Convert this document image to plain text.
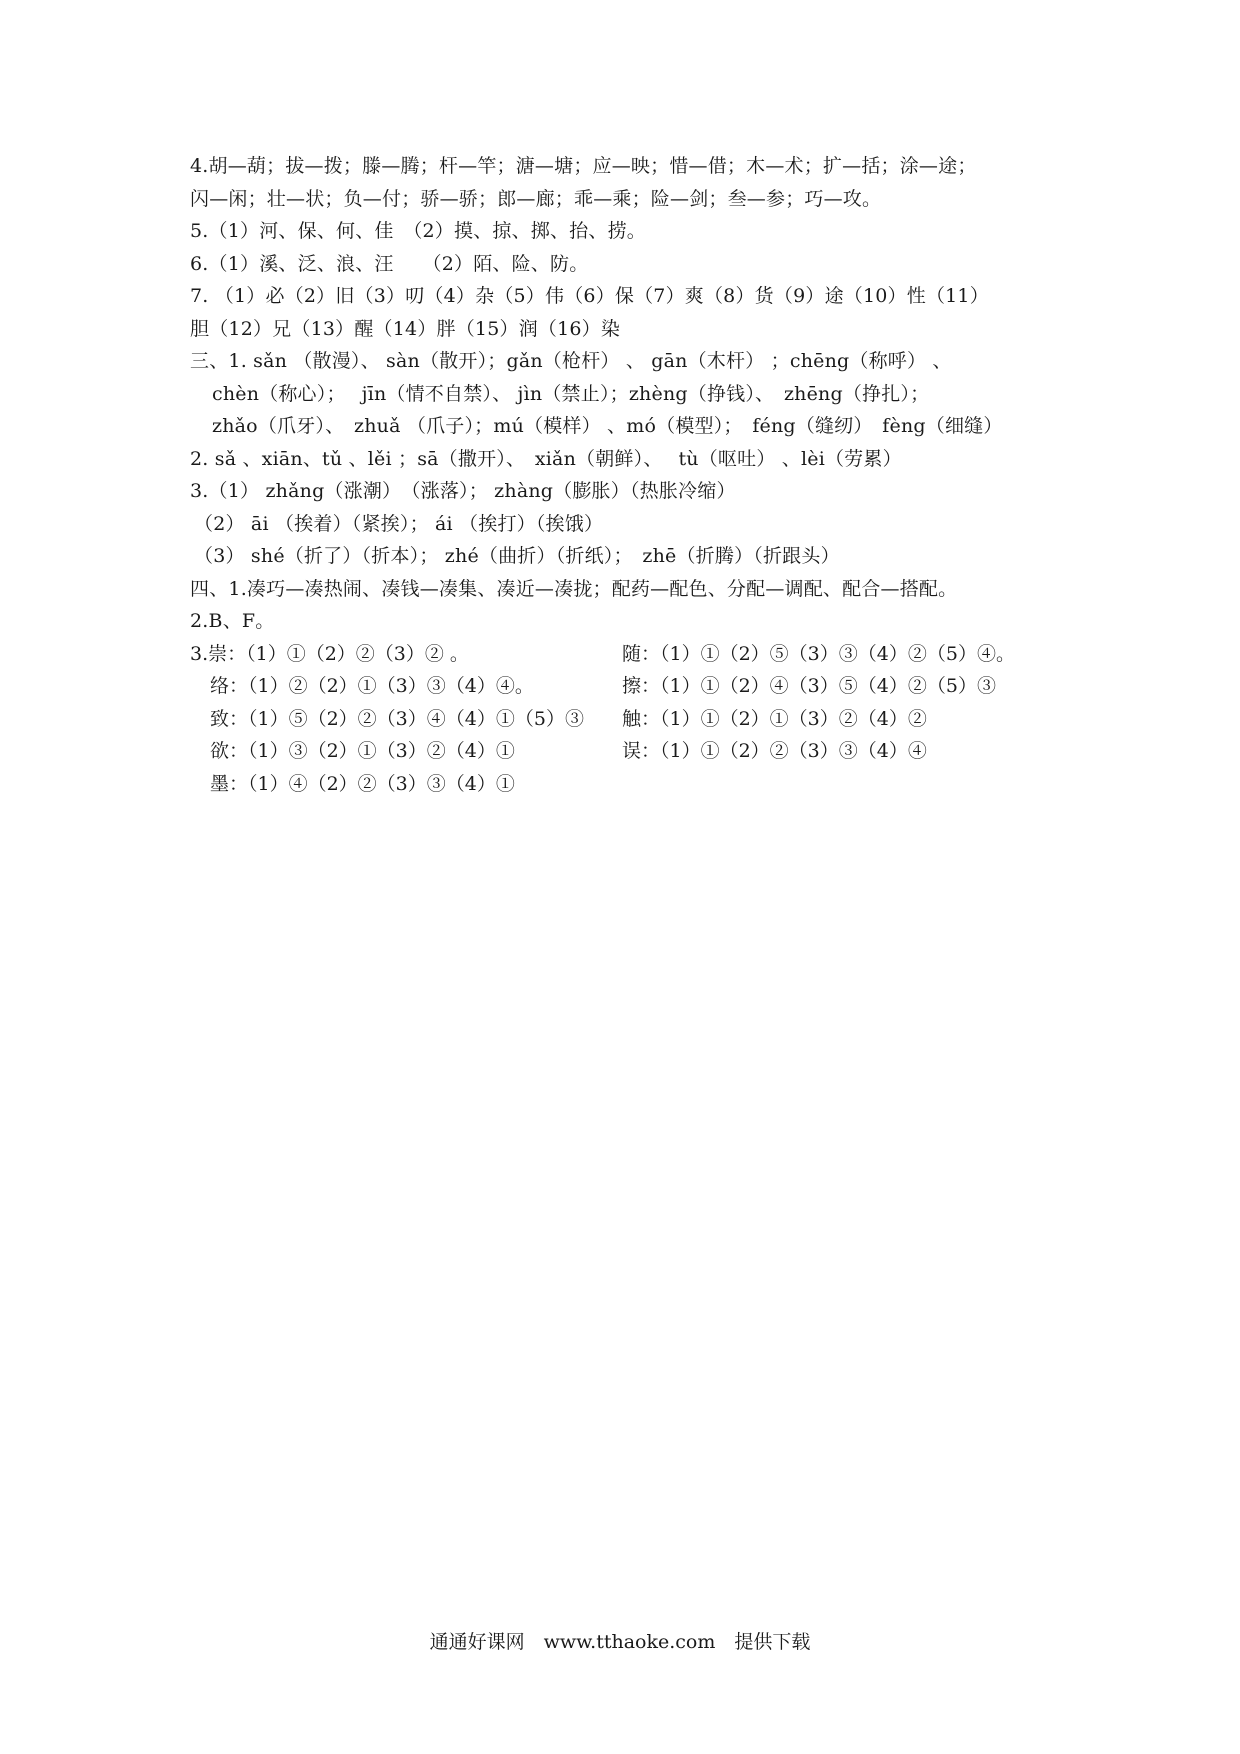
4.胡—葫；拔—拨；滕—腾；杆—竿；溏—塘；应—映；惜—借；木—术；扩—括；涂—途；
闪—闲；壮—状；负—付；骄—骄；郎—廊；乖—乘；险—剑；叁—参；巧—攻。
5.（1）河、保、何、佳　（2）摸、掠、掷、抬、捞。
6.（1）溪、泛、浪、汪　　（2）陌、险、防。
7. （1）必（2）旧（3）叨（4）杂（5）伟（6）保（7）爽（8）货（9）途（10）性（11）
胆（12）兄（13）醒（14）胖（15）润（16）染
三、1. sǎn （散漫）、 sàn（散开）；gǎn（枪杆） 、 gān（木杆） ；chēng（称呼） 、
chèn（称心）；　 jīn（情不自禁）、 jìn（禁止）；zhèng（挣钱）、　zhēng（挣扎）；
zhǎo（爪牙）、　zhuǎ （爪子）；mú（模样） 、mó（模型）；　féng（缝纫）　fèng（细缝）
2. sǎ 、xiān、tǔ 、lěi ；sā（撒开）、　xiǎn（朝鲜）、　 tù（呕吐） 、lèi（劳累）
3.（1） zhǎng（涨潮）　（涨落）； zhàng（膨胀）（热胀冷缩）
（2） āi （挨着）（紧挨）； ái （挨打）（挨饿）
（3） shé（折了）（折本）； zhé（曲折）（折纸）；　zhē（折腾）（折跟头）
四、1.凑巧—凑热闹、凑钱—凑集、凑近—凑拢；配药—配色、分配—调配、配合—搭配。
2.B、F。
3.崇：（1）①（2）②（3）② 。	随：（1）①（2）⑤（3）③（4）②（5）④。
络：（1）②（2）①（3）③（4）④。	擦：（1）①（2）④（3）⑤（4）②（5）③
致：（1）⑤（2）②（3）④（4）①（5）③	触：（1）①（2）①（3）②（4）②
欲：（1）③（2）①（3）②（4）①	误：（1）①（2）②（3）③（4）④
墨：（1）④（2）②（3）③（4）①
通通好课网　www.tthaoke.com　提供下载
